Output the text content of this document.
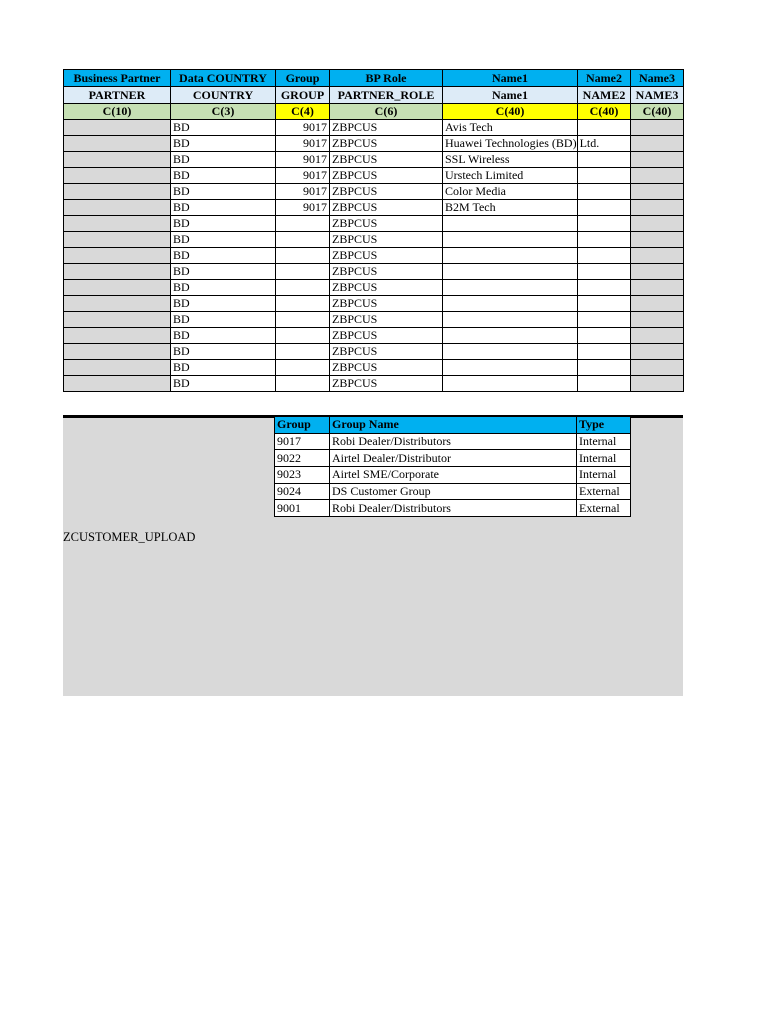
Business Partner	Data COUNTRY	Group	BP Role	Name1	Name2	Name3
PARTNER	COUNTRY	GROUP	PARTNER_ROLE	Name1	NAME2	NAME3
C(10)	C(3)	C(4)	C(6)	C(40)	C(40)	C(40)
	BD	9017	ZBPCUS	Avis Tech		
	BD	9017	ZBPCUS	Huawei Technologies (BD) Ltd.		
	BD	9017	ZBPCUS	SSL Wireless		
	BD	9017	ZBPCUS	Urstech Limited		
	BD	9017	ZBPCUS	Color Media		
	BD	9017	ZBPCUS	B2M Tech		
	BD		ZBPCUS			
	BD		ZBPCUS			
	BD		ZBPCUS			
	BD		ZBPCUS			
	BD		ZBPCUS			
	BD		ZBPCUS			
	BD		ZBPCUS			
	BD		ZBPCUS			
	BD		ZBPCUS			
	BD		ZBPCUS			
	BD		ZBPCUS			
Group	Group Name	Type
9017	Robi Dealer/Distributors	Internal
9022	Airtel Dealer/Distributor	Internal
9023	Airtel SME/Corporate	Internal
9024	DS Customer Group	External
9001	Robi Dealer/Distributors	External
ZCUSTOMER_UPLOAD
